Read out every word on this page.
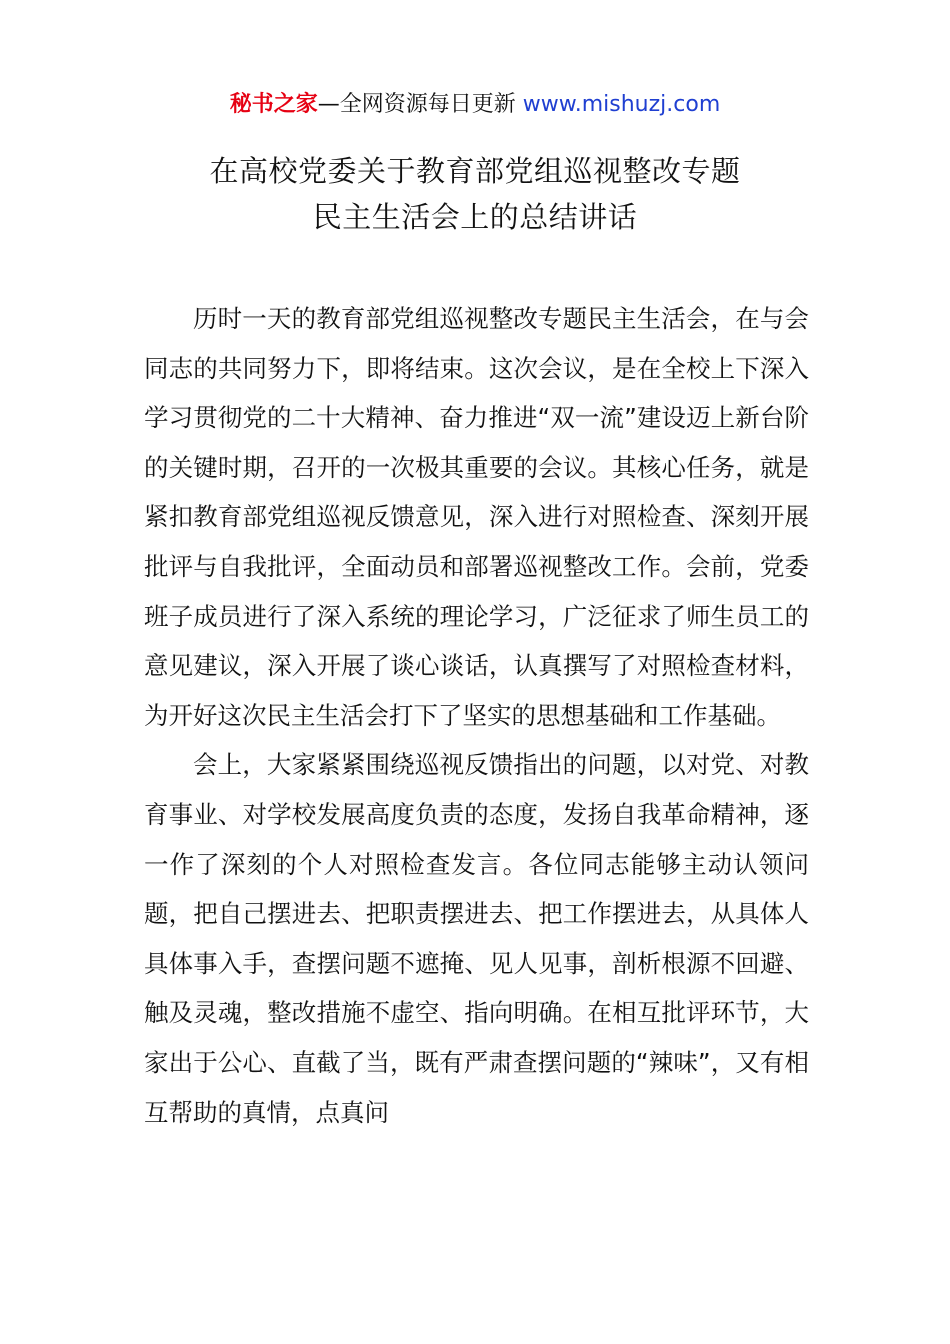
秘书之家—全网资源每日更新 www.mishuzj.com
在高校党委关于教育部党组巡视整改专题
民主生活会上的总结讲话

历时一天的教育部党组巡视整改专题民主生活会，在与会同志的共同努力下，即将结束。这次会议，是在全校上下深入学习贯彻党的二十大精神、奋力推进“双一流”建设迈上新台阶的关键时期，召开的一次极其重要的会议。其核心任务，就是紧扣教育部党组巡视反馈意见，深入进行对照检查、深刻开展批评与自我批评，全面动员和部署巡视整改工作。会前，党委班子成员进行了深入系统的理论学习，广泛征求了师生员工的意见建议，深入开展了谈心谈话，认真撰写了对照检查材料，为开好这次民主生活会打下了坚实的思想基础和工作基础。

会上，大家紧紧围绕巡视反馈指出的问题，以对党、对教育事业、对学校发展高度负责的态度，发扬自我革命精神，逐一作了深刻的个人对照检查发言。各位同志能够主动认领问题，把自己摆进去、把职责摆进去、把工作摆进去，从具体人具体事入手，查摆问题不遮掩、见人见事，剖析根源不回避、触及灵魂，整改措施不虚空、指向明确。在相互批评环节，大家出于公心、直截了当，既有严肃查摆问题的“辣味”，又有相互帮助的真情，点真问
